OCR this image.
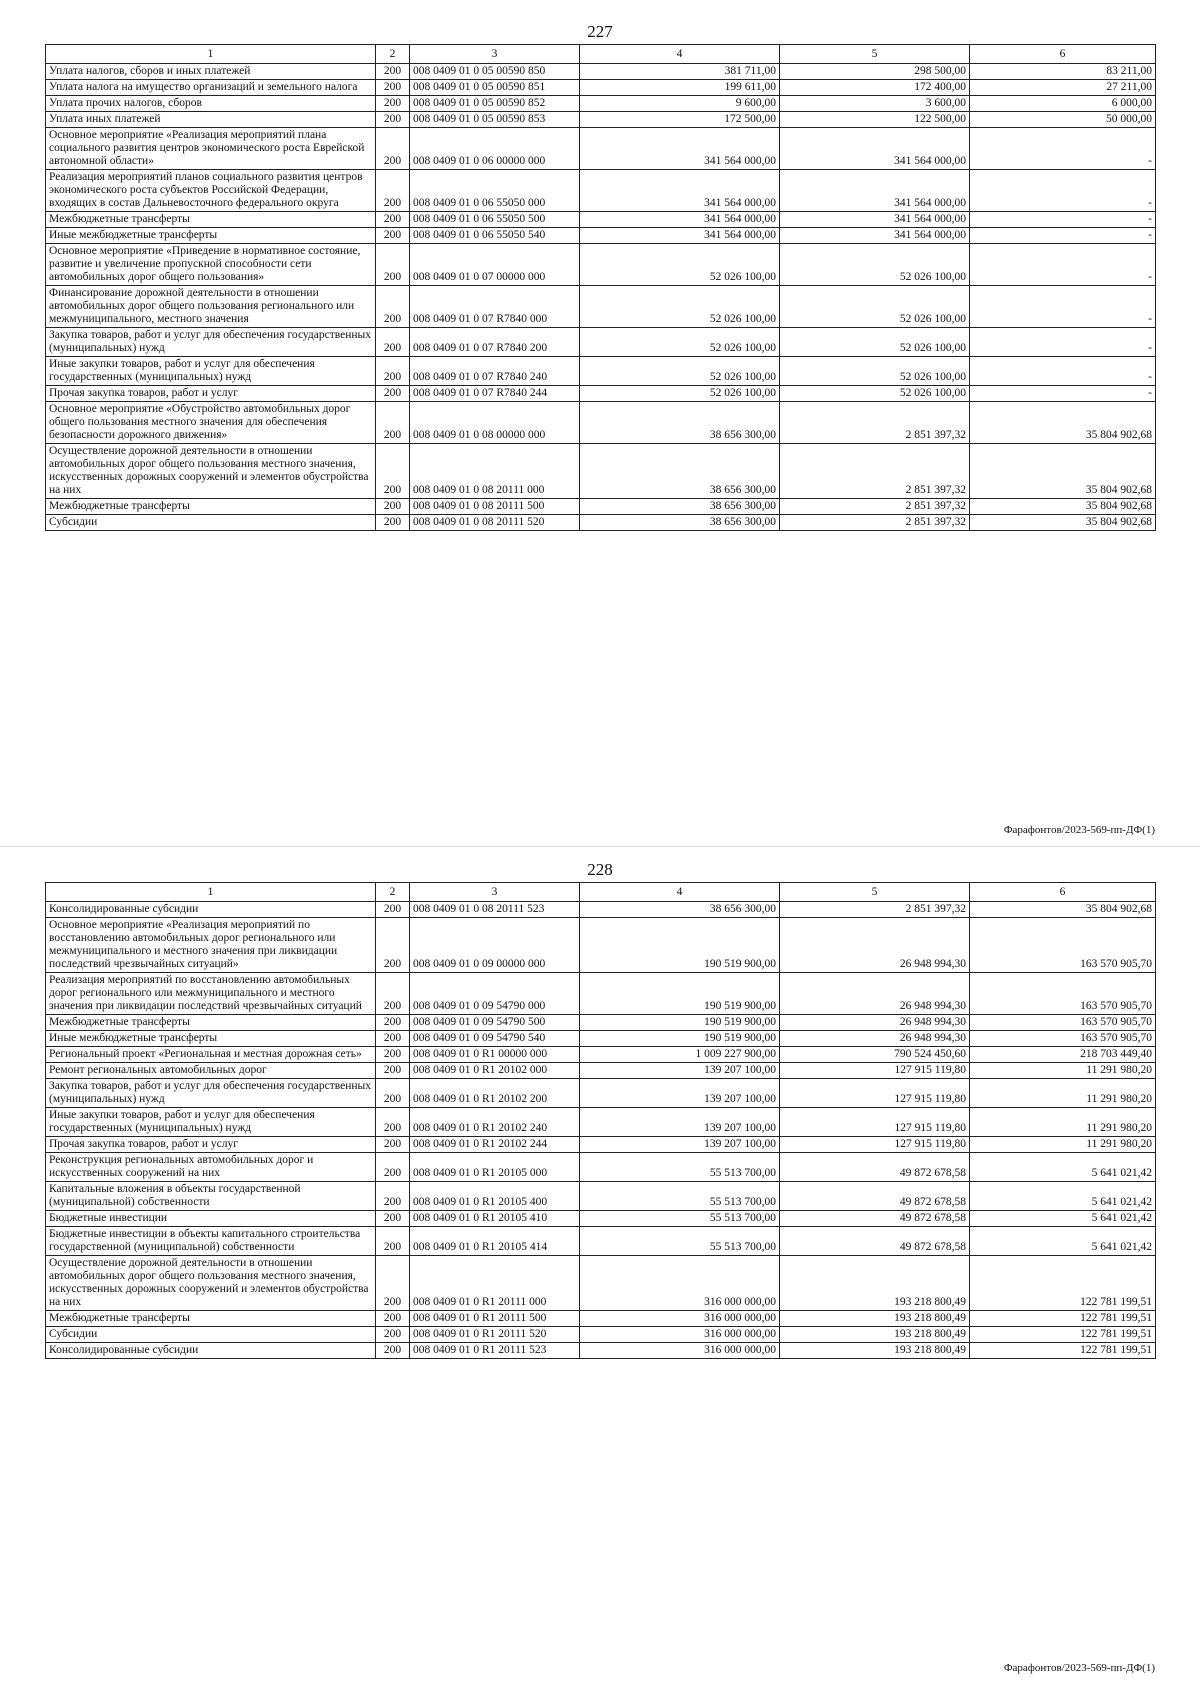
227
1	2	3	4	5	6
Уплата налогов, сборов и иных платежей	200	008 0409 01 0 05 00590 850	381 711,00	298 500,00	83 211,00
Уплата налога на имущество организаций и земельного налога	200	008 0409 01 0 05 00590 851	199 611,00	172 400,00	27 211,00
Уплата прочих налогов, сборов	200	008 0409 01 0 05 00590 852	9 600,00	3 600,00	6 000,00
Уплата иных платежей	200	008 0409 01 0 05 00590 853	172 500,00	122 500,00	50 000,00
Основное мероприятие «Реализация мероприятий плана социального развития центров экономического роста Еврейской автономной области»	200	008 0409 01 0 06 00000 000	341 564 000,00	341 564 000,00	-
Реализация мероприятий планов социального развития центров экономического роста субъектов Российской Федерации, входящих в состав Дальневосточного федерального округа	200	008 0409 01 0 06 55050 000	341 564 000,00	341 564 000,00	-
Межбюджетные трансферты	200	008 0409 01 0 06 55050 500	341 564 000,00	341 564 000,00	-
Иные межбюджетные трансферты	200	008 0409 01 0 06 55050 540	341 564 000,00	341 564 000,00	-
Основное мероприятие «Приведение в нормативное состояние, развитие и увеличение пропускной способности сети автомобильных дорог общего пользования»	200	008 0409 01 0 07 00000 000	52 026 100,00	52 026 100,00	-
Финансирование дорожной деятельности в отношении автомобильных дорог общего пользования регионального или межмуниципального, местного значения	200	008 0409 01 0 07 R7840 000	52 026 100,00	52 026 100,00	-
Закупка товаров, работ и услуг для обеспечения государственных (муниципальных) нужд	200	008 0409 01 0 07 R7840 200	52 026 100,00	52 026 100,00	-
Иные закупки товаров, работ и услуг для обеспечения государственных (муниципальных) нужд	200	008 0409 01 0 07 R7840 240	52 026 100,00	52 026 100,00	-
Прочая закупка товаров, работ и услуг	200	008 0409 01 0 07 R7840 244	52 026 100,00	52 026 100,00	-
Основное мероприятие «Обустройство автомобильных дорог общего пользования местного значения для обеспечения безопасности дорожного движения»	200	008 0409 01 0 08 00000 000	38 656 300,00	2 851 397,32	35 804 902,68
Осуществление дорожной деятельности в отношении автомобильных дорог общего пользования местного значения, искусственных дорожных сооружений и элементов обустройства на них	200	008 0409 01 0 08 20111 000	38 656 300,00	2 851 397,32	35 804 902,68
Межбюджетные трансферты	200	008 0409 01 0 08 20111 500	38 656 300,00	2 851 397,32	35 804 902,68
Субсидии	200	008 0409 01 0 08 20111 520	38 656 300,00	2 851 397,32	35 804 902,68
Фарафонтов/2023-569-пп-ДФ(1)
228
1	2	3	4	5	6
Консолидированные субсидии	200	008 0409 01 0 08 20111 523	38 656 300,00	2 851 397,32	35 804 902,68
Основное мероприятие «Реализация мероприятий по восстановлению автомобильных дорог регионального или межмуниципального и местного значения при ликвидации последствий чрезвычайных ситуаций»	200	008 0409 01 0 09 00000 000	190 519 900,00	26 948 994,30	163 570 905,70
Реализация мероприятий по восстановлению автомобильных дорог регионального или межмуниципального и местного значения при ликвидации последствий чрезвычайных ситуаций	200	008 0409 01 0 09 54790 000	190 519 900,00	26 948 994,30	163 570 905,70
Межбюджетные трансферты	200	008 0409 01 0 09 54790 500	190 519 900,00	26 948 994,30	163 570 905,70
Иные межбюджетные трансферты	200	008 0409 01 0 09 54790 540	190 519 900,00	26 948 994,30	163 570 905,70
Региональный проект «Региональная и местная дорожная сеть»	200	008 0409 01 0 R1 00000 000	1 009 227 900,00	790 524 450,60	218 703 449,40
Ремонт региональных автомобильных дорог	200	008 0409 01 0 R1 20102 000	139 207 100,00	127 915 119,80	11 291 980,20
Закупка товаров, работ и услуг для обеспечения государственных (муниципальных) нужд	200	008 0409 01 0 R1 20102 200	139 207 100,00	127 915 119,80	11 291 980,20
Иные закупки товаров, работ и услуг для обеспечения государственных (муниципальных) нужд	200	008 0409 01 0 R1 20102 240	139 207 100,00	127 915 119,80	11 291 980,20
Прочая закупка товаров, работ и услуг	200	008 0409 01 0 R1 20102 244	139 207 100,00	127 915 119,80	11 291 980,20
Реконструкция региональных автомобильных дорог и искусственных сооружений на них	200	008 0409 01 0 R1 20105 000	55 513 700,00	49 872 678,58	5 641 021,42
Капитальные вложения в объекты государственной (муниципальной) собственности	200	008 0409 01 0 R1 20105 400	55 513 700,00	49 872 678,58	5 641 021,42
Бюджетные инвестиции	200	008 0409 01 0 R1 20105 410	55 513 700,00	49 872 678,58	5 641 021,42
Бюджетные инвестиции в объекты капитального строительства государственной (муниципальной) собственности	200	008 0409 01 0 R1 20105 414	55 513 700,00	49 872 678,58	5 641 021,42
Осуществление дорожной деятельности в отношении автомобильных дорог общего пользования местного значения, искусственных дорожных сооружений и элементов обустройства на них	200	008 0409 01 0 R1 20111 000	316 000 000,00	193 218 800,49	122 781 199,51
Межбюджетные трансферты	200	008 0409 01 0 R1 20111 500	316 000 000,00	193 218 800,49	122 781 199,51
Субсидии	200	008 0409 01 0 R1 20111 520	316 000 000,00	193 218 800,49	122 781 199,51
Консолидированные субсидии	200	008 0409 01 0 R1 20111 523	316 000 000,00	193 218 800,49	122 781 199,51
Фарафонтов/2023-569-пп-ДФ(1)
